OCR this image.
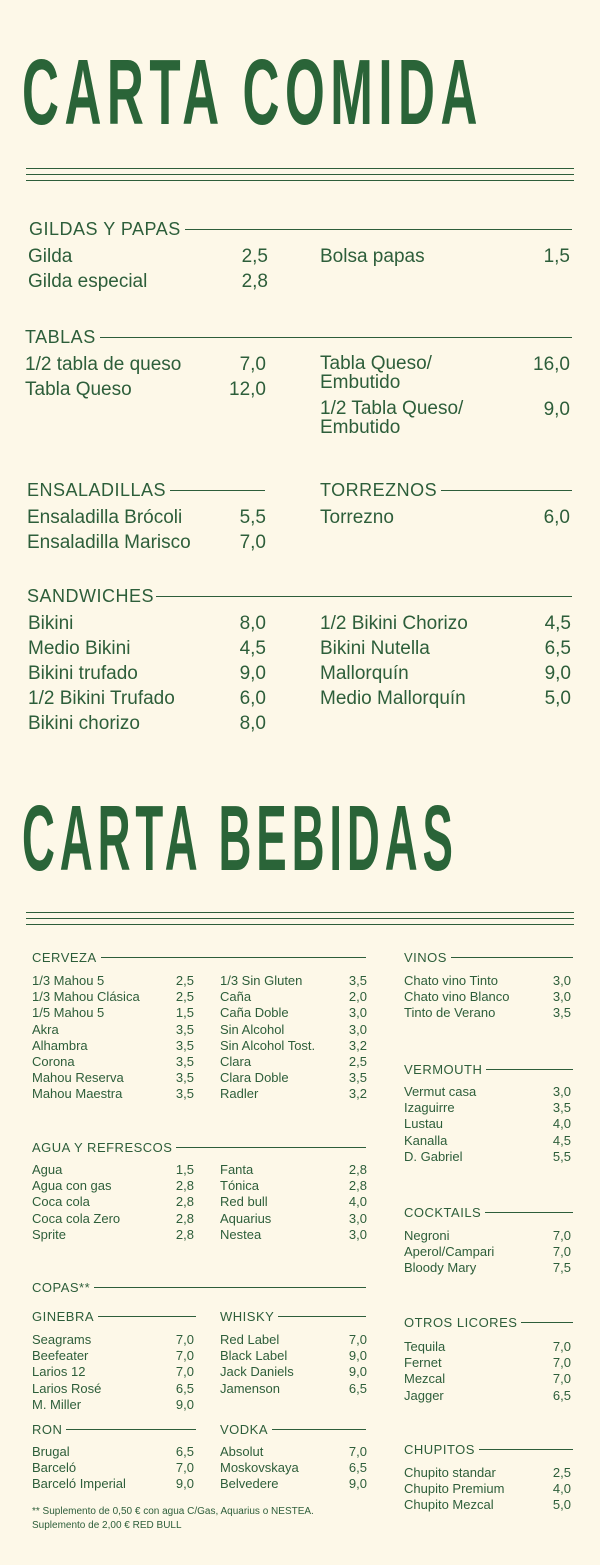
CARTA COMIDA
GILDAS Y PAPAS
Gilda	2,5
Gilda especial	2,8
Bolsa papas	1,5
TABLAS
1/2 tabla de queso	7,0
Tabla Queso	12,0
Tabla Queso/
Embutido
16,0
1/2 Tabla Queso/
Embutido
9,0
ENSALADILLAS
Ensaladilla Brócoli	5,5
Ensaladilla Marisco	7,0
TORREZNOS
Torrezno	6,0
SANDWICHES
Bikini	8,0
Medio Bikini	4,5
Bikini trufado	9,0
1/2 Bikini Trufado	6,0
Bikini chorizo	8,0
1/2 Bikini Chorizo	4,5
Bikini Nutella	6,5
Mallorquín	9,0
Medio Mallorquín	5,0
CARTA BEBIDAS
CERVEZA
1/3 Mahou 5	2,5
1/3 Mahou Clásica	2,5
1/5 Mahou 5	1,5
Akra	3,5
Alhambra	3,5
Corona	3,5
Mahou Reserva	3,5
Mahou Maestra	3,5
1/3 Sin Gluten	3,5
Caña	2,0
Caña Doble	3,0
Sin Alcohol	3,0
Sin Alcohol Tost.	3,2
Clara	2,5
Clara Doble	3,5
Radler	3,2
AGUA Y REFRESCOS
Agua	1,5
Agua con gas	2,8
Coca cola	2,8
Coca cola Zero	2,8
Sprite	2,8
Fanta	2,8
Tónica	2,8
Red bull	4,0
Aquarius	3,0
Nestea	3,0
COPAS**
GINEBRA
Seagrams	7,0
Beefeater	7,0
Larios 12	7,0
Larios Rosé	6,5
M. Miller	9,0
WHISKY
Red Label	7,0
Black Label	9,0
Jack Daniels	9,0
Jamenson	6,5
RON
Brugal	6,5
Barceló	7,0
Barceló Imperial	9,0
VODKA
Absolut	7,0
Moskovskaya	6,5
Belvedere	9,0
** Suplemento de 0,50 € con agua C/Gas, Aquarius o NESTEA.
Suplemento de 2,00 € RED BULL
VINOS
Chato vino Tinto	3,0
Chato vino Blanco	3,0
Tinto de Verano	3,5
VERMOUTH
Vermut casa	3,0
Izaguirre	3,5
Lustau	4,0
Kanalla	4,5
D. Gabriel	5,5
COCKTAILS
Negroni	7,0
Aperol/Campari	7,0
Bloody Mary	7,5
OTROS LICORES
Tequila	7,0
Fernet	7,0
Mezcal	7,0
Jagger	6,5
CHUPITOS
Chupito standar	2,5
Chupito Premium	4,0
Chupito Mezcal	5,0
